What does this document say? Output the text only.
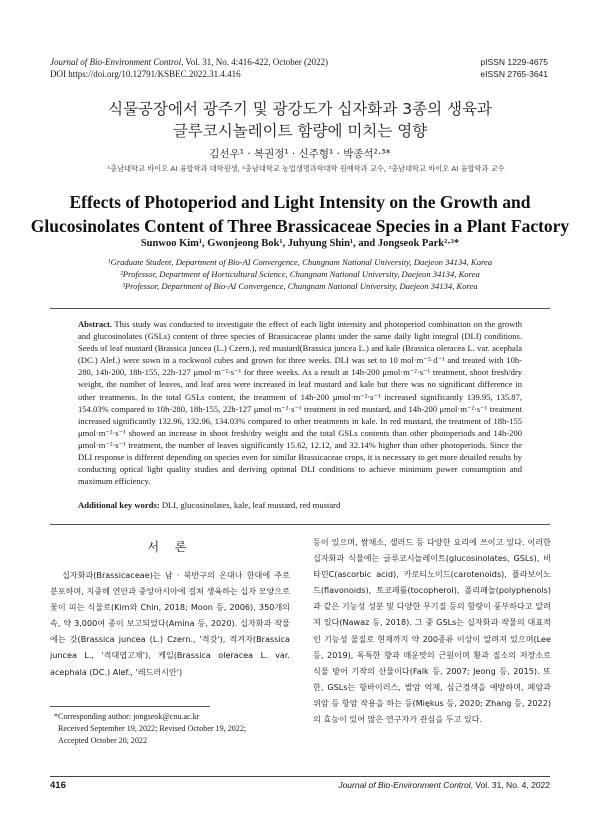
Journal of Bio-Environment Control, Vol. 31, No. 4:416-422, October (2022)
DOI https://doi.org/10.12791/KSBEC.2022.31.4.416
pISSN 1229-4675
eISSN 2765-3641
식물공장에서 광주기 및 광강도가 십자화과 3종의 생육과
글루코시놀레이트 함량에 미치는 영향
김선우¹ · 복권정¹ · 신주형¹ · 박종석²·³*
¹충남대학교 바이오 AI 융합학과 대학원생, ²충남대학교 농업생명과학대학 원예학과 교수, ³충남대학교 바이오 AI 융합학과 교수
Effects of Photoperiod and Light Intensity on the Growth and
Glucosinolates Content of Three Brassicaceae Species in a Plant Factory
Sunwoo Kim¹, Gwonjeong Bok¹, Juhyung Shin¹, and Jongseok Park²·³*
¹Graduate Student, Department of Bio-AI Convergence, Chungnam National University, Daejeon 34134, Korea
²Professor, Department of Horticultural Science, Chungnam National University, Daejeon 34134, Korea
³Professor, Department of Bio-AI Convergence, Chungnam National University, Daejeon 34134, Korea
Abstract. This study was conducted to investigate the effect of each light intensity and photoperiod combination on the growth and glucosinolates (GSLs) content of three species of Brassicaceae plants under the same daily light integral (DLI) conditions. Seeds of leaf mustard (Brassica juncea (L.) Czern.), red mustard(Brassica juncea L.) and kale (Brassica oleracea L. var. acephala (DC.) Alef.) were sown in a rockwool cubes and grown for three weeks. DLI was set to 10 mol·m⁻²·d⁻¹ and treated with 10h-280, 14h-200, 18h-155, 22h-127 μmol·m⁻²·s⁻¹ for three weeks. As a result at 14h-200 μmol·m⁻²·s⁻¹ treatment, shoot fresh/dry weight, the number of leaves, and leaf area were increased in leaf mustard and kale but there was no significant difference in other treatments. In the total GSLs content, the treatment of 14h-200 μmol·m⁻²·s⁻¹ increased significantly 139.95, 135.87, 154.03% compared to 10h-280, 18h-155, 22h-127 μmol·m⁻²·s⁻¹ treatment in red mustard, and 14h-200 μmol·m⁻²·s⁻¹ treatment increased significantly 132.96, 132.96, 134.03% compared to other treatments in kale. In red mustard, the treatment of 18h-155 μmol·m⁻²·s⁻¹ showed an increase in shoot fresh/dry weight and the total GSLs contents than other photoperiods and 14h-200 μmol·m⁻²·s⁻¹ treatment, the number of leaves significantly 15.62, 12.12, and 32.14% higher than other photoperiods. Since the DLI response is different depending on species even for similar Brassicaceae crops, it is necessary to get more detailed results by conducting optical light quality studies and deriving optimal DLI conditions to achieve minimum power consumption and maximum efficiency.
Additional key words: DLI, glucosinolates, kale, leaf mustard, red mustard
서 론

십자화과(Brassicaceae)는 남 · 북반구의 온대나 한대에 주로 분포하며, 지중해 연안과 중앙아시아에 걸쳐 생육하는 십자 모양으로 꽃이 피는 식물로(Kim와 Chin, 2018; Moon 등, 2006), 350개의 속, 약 3,000여 종이 보고되었다(Amina 등, 2020). 십자화과 작물에는 갓(Brassica juncea (L.) Czern., '적갓'), 적겨자(Brassica juncea L., '적대엽고채'), 케일(Brassica oleracea L. var. acephala (DC.) Alef., '레드러시안')

등이 있으며, 쌈채소, 샐러드 등 다양한 요리에 쓰이고 있다. 이러한 십자화과 식물에는 글루코시놀레이트(glucosinolates, GSLs), 비타민C(ascorbic acid), 카로티노이드(carotenoids), 플라보이노드(flavonoids), 토코페롤(tocopherol), 폴리페놀(polyphenols)과 같은 기능성 성분 및 다양한 무기질 등의 함량이 풍부하다고 알려져 있다(Nawaz 등, 2018). 그 중 GSLs는 십자화과 작물의 대표적인 기능성 물질로 현재까지 약 200종류 이상이 알려져 있으며(Lee 등, 2019), 독특한 향과 매운맛의 근원이며 황과 질소의 저장소로 식물 방어 기작의 산물이다(Falk 등, 2007; Jeong 등, 2015). 또한, GSLs는 항바이러스, 발암 억제, 심근경색을 예방하며, 폐암과 위암 등 항암 작용을 하는 등(Miękus 등, 2020; Zhang 등, 2022)의 효능이 있어 많은 연구자가 관심을 두고 있다.

*Corresponding author: jongseok@cnu.ac.kr
Received September 19, 2022; Revised October 19, 2022;
Accepted October 20, 2022
416	Journal of Bio-Environment Control, Vol. 31, No. 4, 2022
